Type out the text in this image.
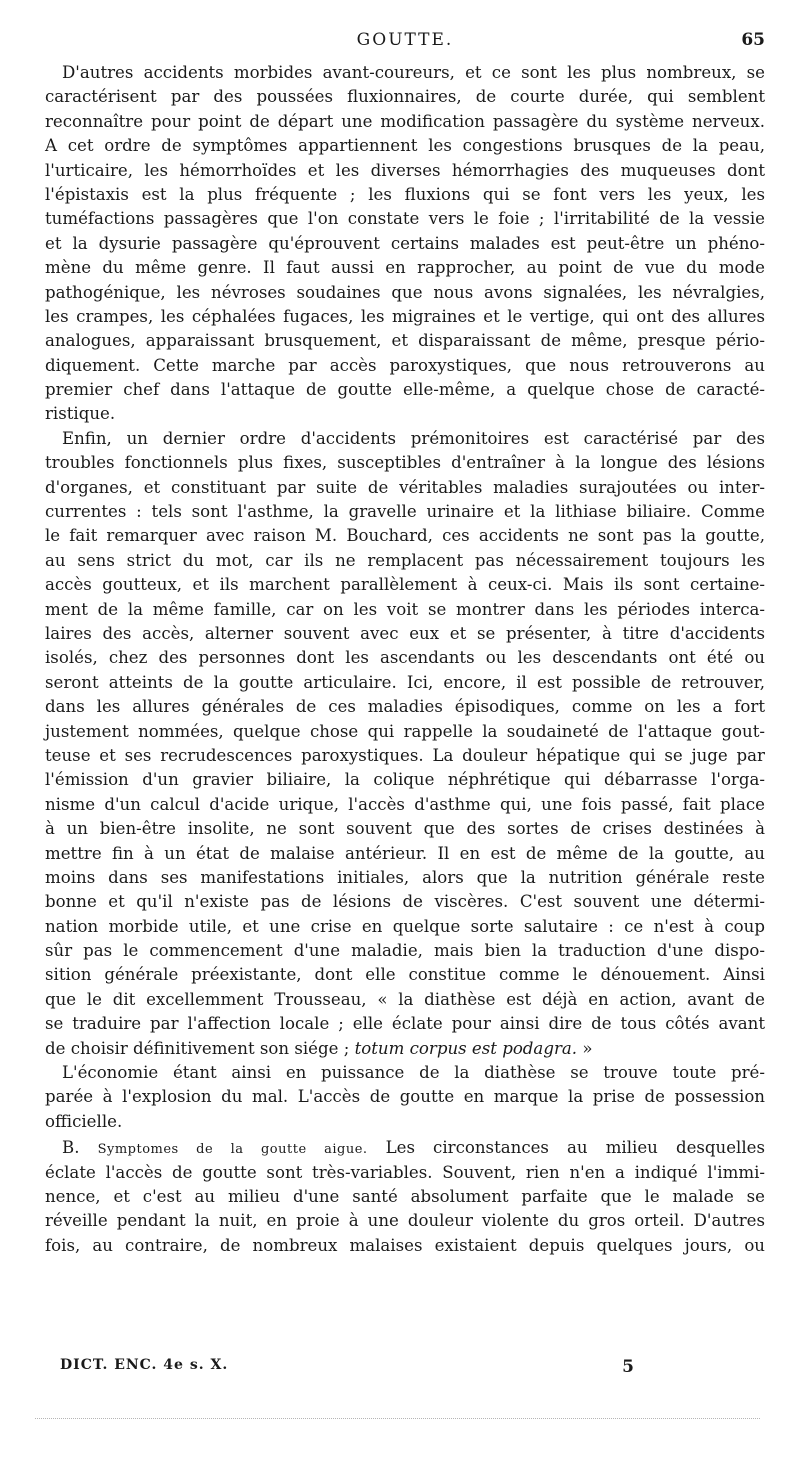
GOUTTE.	65
D'autres accidents morbides avant-coureurs, et ce sont les plus nombreux, se
caractérisent par des poussées fluxionnaires, de courte durée, qui semblent
reconnaître pour point de départ une modification passagère du système nerveux.
A cet ordre de symptômes appartiennent les congestions brusques de la peau,
l'urticaire, les hémorrhoïdes et les diverses hémorrhagies des muqueuses dont
l'épistaxis est la plus fréquente ; les fluxions qui se font vers les yeux, les
tuméfactions passagères que l'on constate vers le foie ; l'irritabilité de la vessie
et la dysurie passagère qu'éprouvent certains malades est peut-être un phéno-
mène du même genre. Il faut aussi en rapprocher, au point de vue du mode
pathogénique, les névroses soudaines que nous avons signalées, les névralgies,
les crampes, les céphalées fugaces, les migraines et le vertige, qui ont des allures
analogues, apparaissant brusquement, et disparaissant de même, presque pério-
diquement. Cette marche par accès paroxystiques, que nous retrouverons au
premier chef dans l'attaque de goutte elle-même, a quelque chose de caracté-
ristique.
Enfin, un dernier ordre d'accidents prémonitoires est caractérisé par des
troubles fonctionnels plus fixes, susceptibles d'entraîner à la longue des lésions
d'organes, et constituant par suite de véritables maladies surajoutées ou inter-
currentes : tels sont l'asthme, la gravelle urinaire et la lithiase biliaire. Comme
le fait remarquer avec raison M. Bouchard, ces accidents ne sont pas la goutte,
au sens strict du mot, car ils ne remplacent pas nécessairement toujours les
accès goutteux, et ils marchent parallèlement à ceux-ci. Mais ils sont certaine-
ment de la même famille, car on les voit se montrer dans les périodes interca-
laires des accès, alterner souvent avec eux et se présenter, à titre d'accidents
isolés, chez des personnes dont les ascendants ou les descendants ont été ou
seront atteints de la goutte articulaire. Ici, encore, il est possible de retrouver,
dans les allures générales de ces maladies épisodiques, comme on les a fort
justement nommées, quelque chose qui rappelle la soudaineté de l'attaque gout-
teuse et ses recrudescences paroxystiques. La douleur hépatique qui se juge par
l'émission d'un gravier biliaire, la colique néphrétique qui débarrasse l'orga-
nisme d'un calcul d'acide urique, l'accès d'asthme qui, une fois passé, fait place
à un bien-être insolite, ne sont souvent que des sortes de crises destinées à
mettre fin à un état de malaise antérieur. Il en est de même de la goutte, au
moins dans ses manifestations initiales, alors que la nutrition générale reste
bonne et qu'il n'existe pas de lésions de viscères. C'est souvent une détermi-
nation morbide utile, et une crise en quelque sorte salutaire : ce n'est à coup
sûr pas le commencement d'une maladie, mais bien la traduction d'une dispo-
sition générale préexistante, dont elle constitue comme le dénouement. Ainsi
que le dit excellemment Trousseau, « la diathèse est déjà en action, avant de
se traduire par l'affection locale ; elle éclate pour ainsi dire de tous côtés avant
de choisir définitivement son siége ; totum corpus est podagra. »
L'économie étant ainsi en puissance de la diathèse se trouve toute pré-
parée à l'explosion du mal. L'accès de goutte en marque la prise de possession
officielle.
B. Symptomes de la goutte aigue. Les circonstances au milieu desquelles
éclate l'accès de goutte sont très-variables. Souvent, rien n'en a indiqué l'immi-
nence, et c'est au milieu d'une santé absolument parfaite que le malade se
réveille pendant la nuit, en proie à une douleur violente du gros orteil. D'autres
fois, au contraire, de nombreux malaises existaient depuis quelques jours, ou
DICT. ENC. 4e s. X.	5
